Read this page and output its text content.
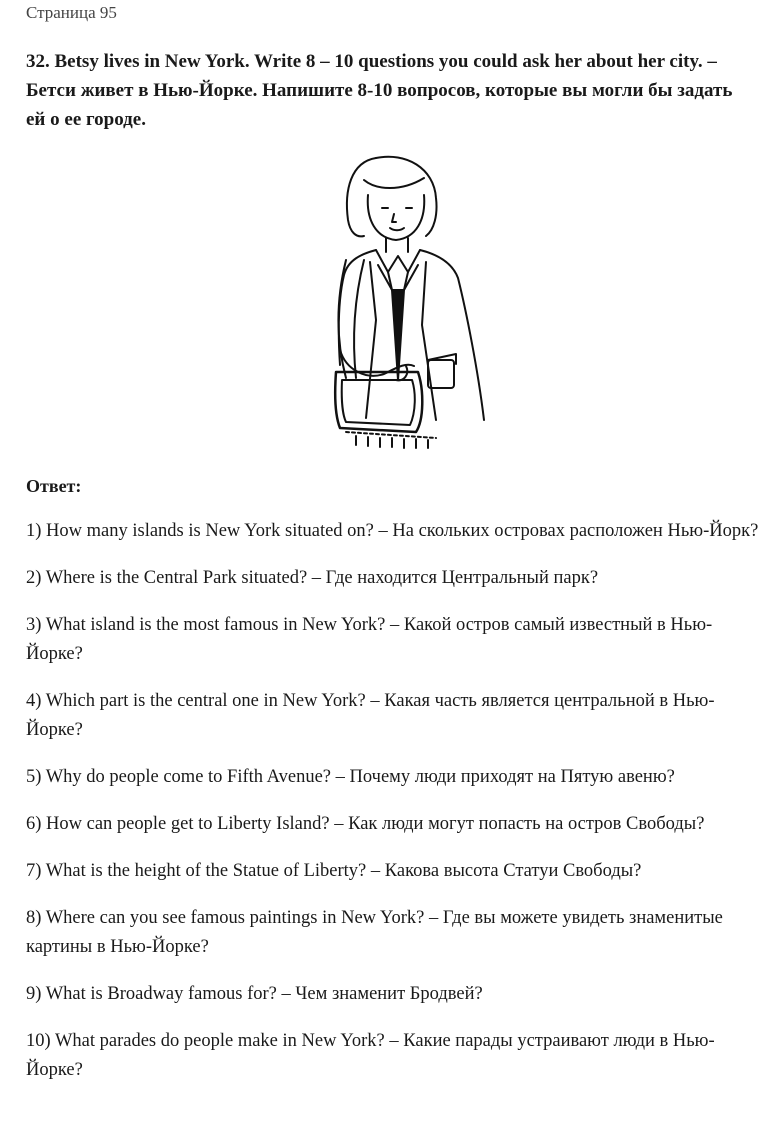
Страница 95

32. Betsy lives in New York. Write 8 – 10 questions you could ask her about her city. – Бетси живет в Нью-Йорке. Напишите 8-10 вопросов, которые вы могли бы задать ей о ее городе.

Ответ:

1) How many islands is New York situated on? – На скольких островах расположен Нью-Йорк?
2) Where is the Central Park situated? – Где находится Центральный парк?
3) What island is the most famous in New York? – Какой остров самый известный в Нью-Йорке?
4) Which part is the central one in New York? – Какая часть является центральной в Нью-Йорке?
5) Why do people come to Fifth Avenue? – Почему люди приходят на Пятую авеню?
6) How can people get to Liberty Island? – Как люди могут попасть на остров Свободы?
7) What is the height of the Statue of Liberty? – Какова высота Статуи Свободы?
8) Where can you see famous paintings in New York? – Где вы можете увидеть знаменитые картины в Нью-Йорке?
9) What is Broadway famous for? – Чем знаменит Бродвей?
10) What parades do people make in New York? – Какие парады устраивают люди в Нью-Йорке?
